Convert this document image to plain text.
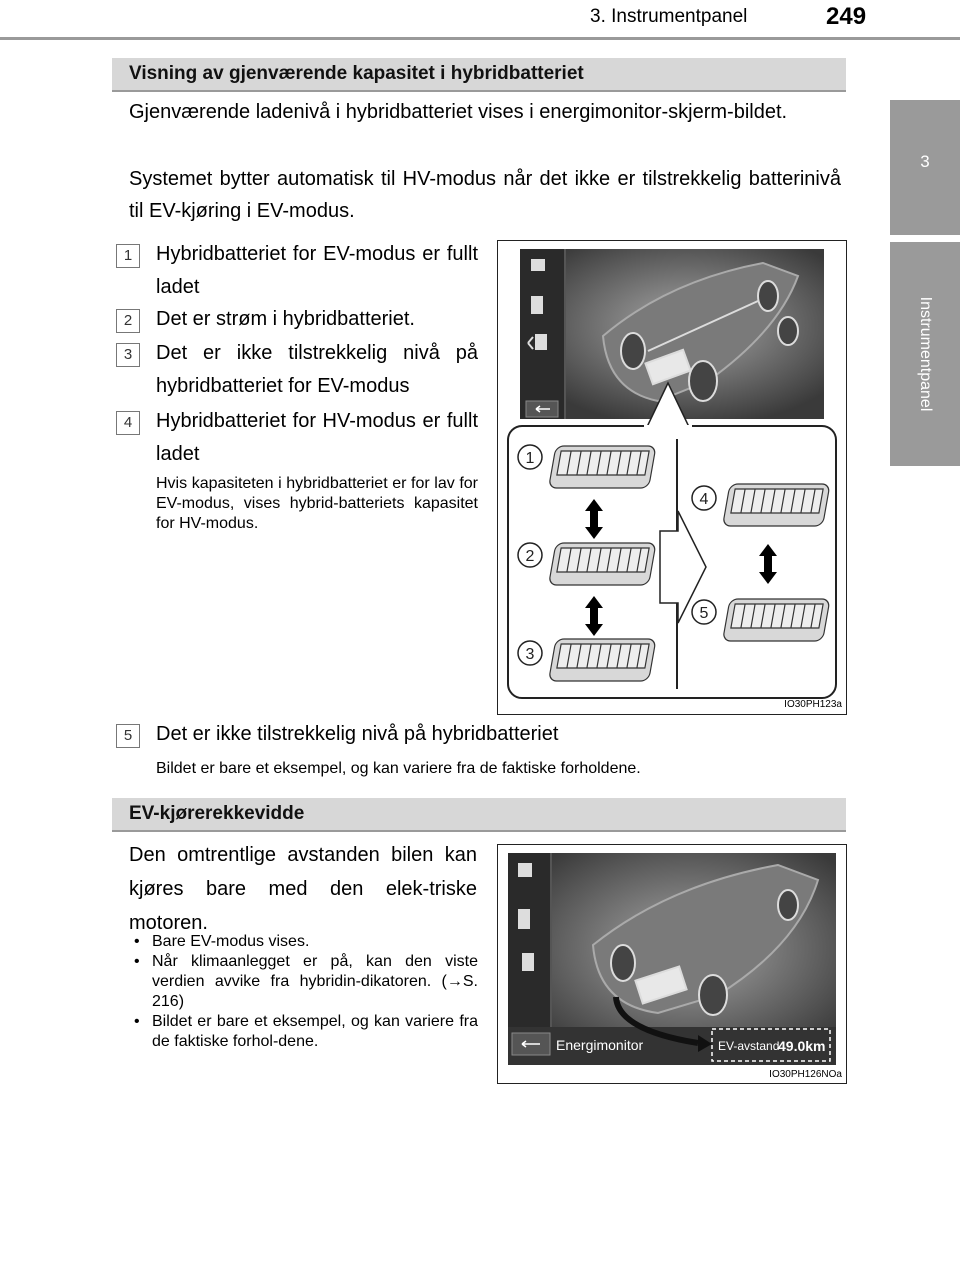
3. Instrumentpanel	249
3
Instrumentpanel
Visning av gjenværende kapasitet i hybridbatteriet
Gjenværende ladenivå i hybridbatteriet vises i energimonitor-skjerm-bildet.
Systemet bytter automatisk til HV-modus når det ikke er tilstrekkelig batterinivå til EV-kjøring i EV-modus.
1	Hybridbatteriet for EV-modus er fullt ladet
2	Det er strøm i hybridbatteriet.
3	Det er ikke tilstrekkelig nivå på hybridbatteriet for EV-modus
4	Hybridbatteriet for HV-modus er fullt ladet
Hvis kapasiteten i hybridbatteriet er for lav for EV-modus, vises hybrid-batteriets kapasitet for HV-modus.
1
2
3
4
5
IO30PH123a
5	Det er ikke tilstrekkelig nivå på hybridbatteriet
Bildet er bare et eksempel, og kan variere fra de faktiske forholdene.
EV-kjørerekkevidde
Den omtrentlige avstanden bilen kan kjøres bare med den elek-triske motoren.
• Bare EV-modus vises.
• Når klimaanlegget er på, kan den viste verdien avvike fra hybridin-dikatoren. (→S. 216)
• Bildet er bare et eksempel, og kan variere fra de faktiske forhol-dene.	Energimonitor	EV-avstand
49.0km
IO30PH126NOa
